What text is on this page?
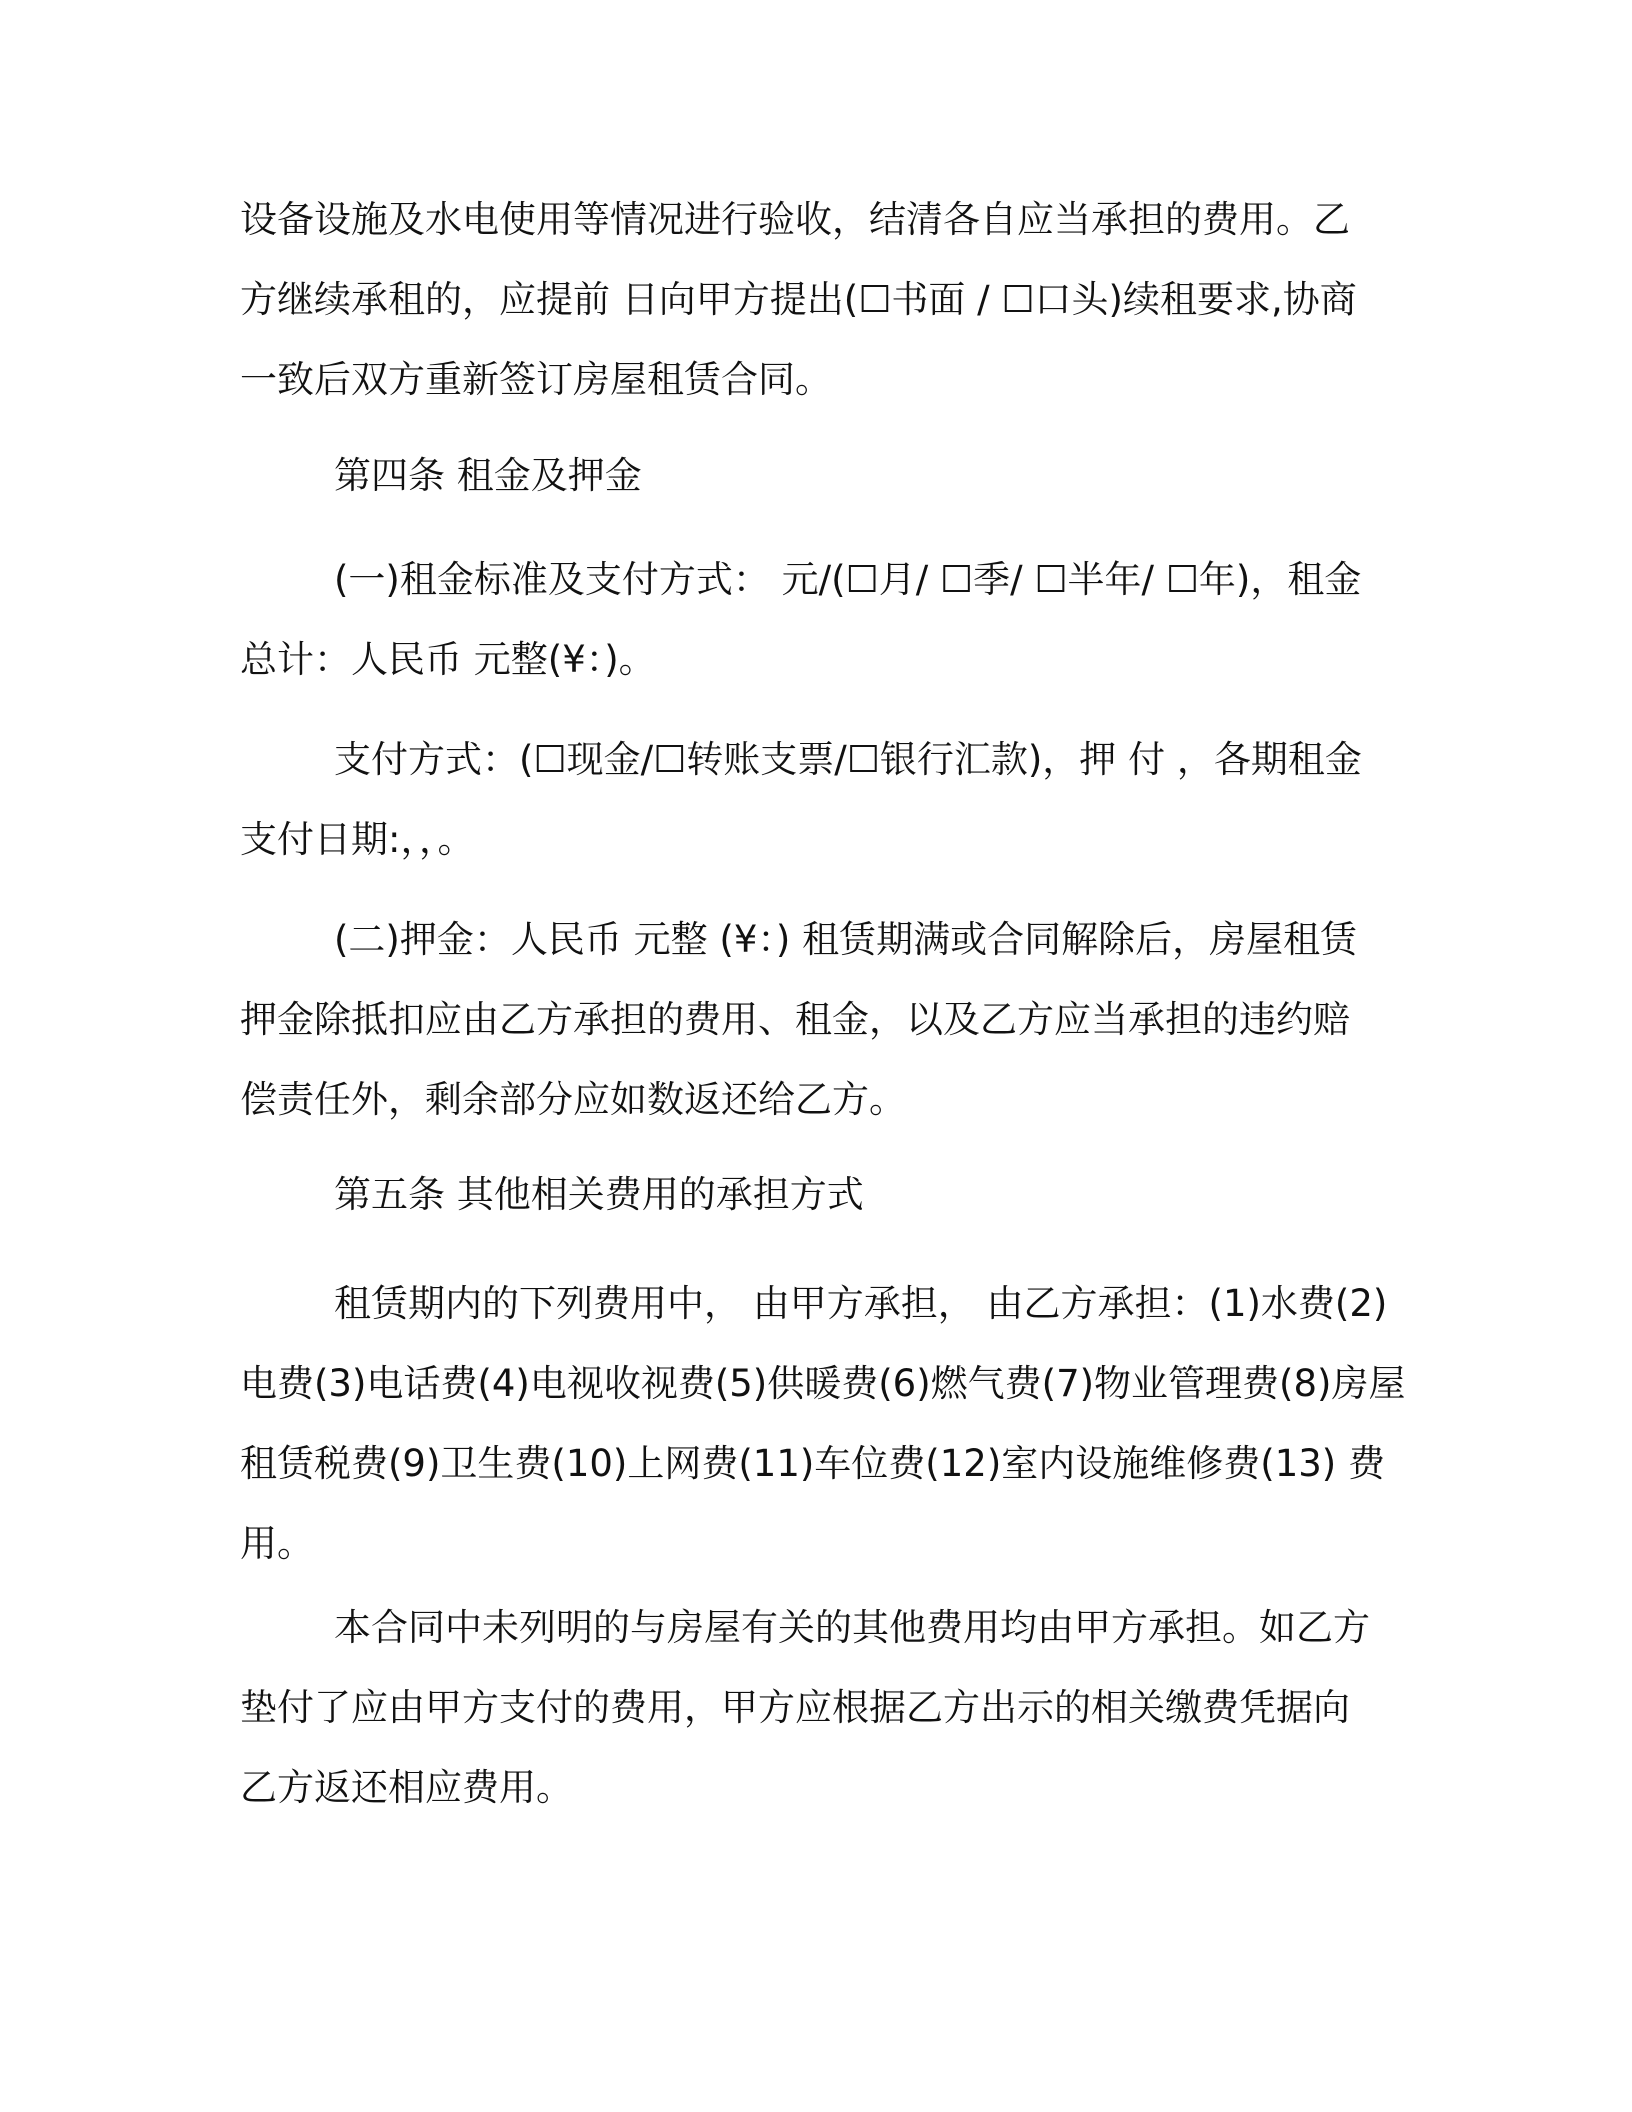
设备设施及水电使用等情况进行验收，结清各自应当承担的费用。乙
方继续承租的，应提前 日向甲方提出(☐书面 / ☐口头)续租要求,协商
一致后双方重新签订房屋租赁合同。
第四条 租金及押金
(一)租金标准及支付方式： 元/(☐月/ ☐季/ ☐半年/ ☐年)，租金
总计：人民币 元整(¥：)。
支付方式：(☐现金/☐转账支票/☐银行汇款)，押 付 ，各期租金
支付日期:，，。
(二)押金：人民币 元整 (¥：) 租赁期满或合同解除后，房屋租赁
押金除抵扣应由乙方承担的费用、租金，以及乙方应当承担的违约赔
偿责任外，剩余部分应如数返还给乙方。
第五条 其他相关费用的承担方式
租赁期内的下列费用中， 由甲方承担， 由乙方承担：(1)水费(2)
电费(3)电话费(4)电视收视费(5)供暖费(6)燃气费(7)物业管理费(8)房屋
租赁税费(9)卫生费(10)上网费(11)车位费(12)室内设施维修费(13) 费
用。
本合同中未列明的与房屋有关的其他费用均由甲方承担。如乙方
垫付了应由甲方支付的费用，甲方应根据乙方出示的相关缴费凭据向
乙方返还相应费用。
